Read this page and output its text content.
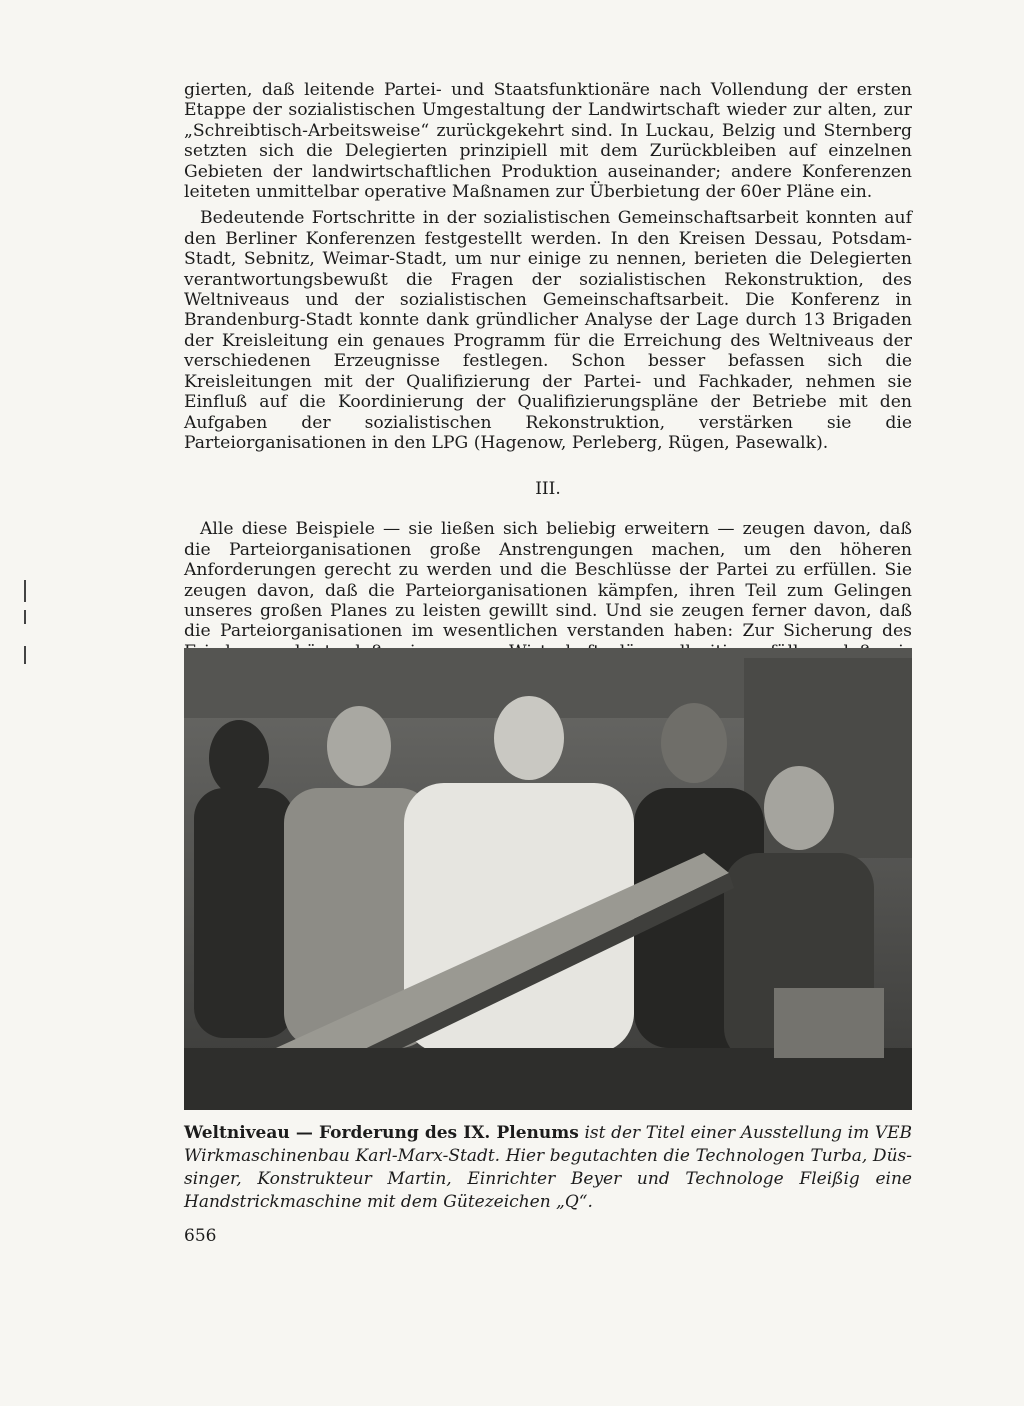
gierten, daß leitende Partei- und Staatsfunktionäre nach Vollendung der ersten Etappe der sozialistischen Umgestaltung der Landwirtschaft wieder zur alten, zur „Schreibtisch-Arbeitsweise“ zurückgekehrt sind. In Luckau, Belzig und Sternberg setzten sich die Delegierten prinzipiell mit dem Zurückbleiben auf einzelnen Gebieten der landwirtschaftlichen Produktion auseinander; andere Konferenzen leiteten unmittelbar operative Maßnamen zur Überbietung der 60er Pläne ein.

Bedeutende Fortschritte in der sozialistischen Gemeinschaftsarbeit konnten auf den Berliner Konferenzen festgestellt werden. In den Kreisen Dessau, Potsdam-Stadt, Sebnitz, Weimar-Stadt, um nur einige zu nennen, berieten die Delegierten verantwortungsbewußt die Fragen der sozialistischen Rekonstruktion, des Weltniveaus und der sozialistischen Gemeinschaftsarbeit. Die Konferenz in Brandenburg-Stadt konnte dank gründlicher Analyse der Lage durch 13 Brigaden der Kreisleitung ein genaues Programm für die Erreichung des Weltniveaus der verschiedenen Erzeugnisse festlegen. Schon besser befassen sich die Kreisleitungen mit der Qualifizierung der Partei- und Fachkader, nehmen sie Einfluß auf die Koordinierung der Qualifizierungspläne der Betriebe mit den Aufgaben der sozialistischen Rekonstruktion, verstärken sie die Parteiorganisationen in den LPG (Hagenow, Perleberg, Rügen, Pasewalk).

III.

Alle diese Beispiele — sie ließen sich beliebig erweitern — zeugen davon, daß die Parteiorganisationen große Anstrengungen machen, um den höheren Anforderungen gerecht zu werden und die Beschlüsse der Partei zu erfüllen. Sie zeugen davon, daß die Parteiorganisationen kämpfen, ihren Teil zum Gelingen unseres großen Planes zu leisten gewillt sind. Und sie zeugen ferner davon, daß die Parteiorganisationen im wesentlichen verstanden haben: Zur Sicherung des

Weltniveau — Forderung des IX. Plenums ist der Titel einer Ausstellung im VEB Wirkmaschinenbau Karl-Marx-Stadt. Hier begutachten die Technologen Turba, Düssinger, Konstrukteur Martin, Einrichter Beyer und Technologe Fleißig eine Handstrickmaschine mit dem Gütezeichen „Q“.
656
